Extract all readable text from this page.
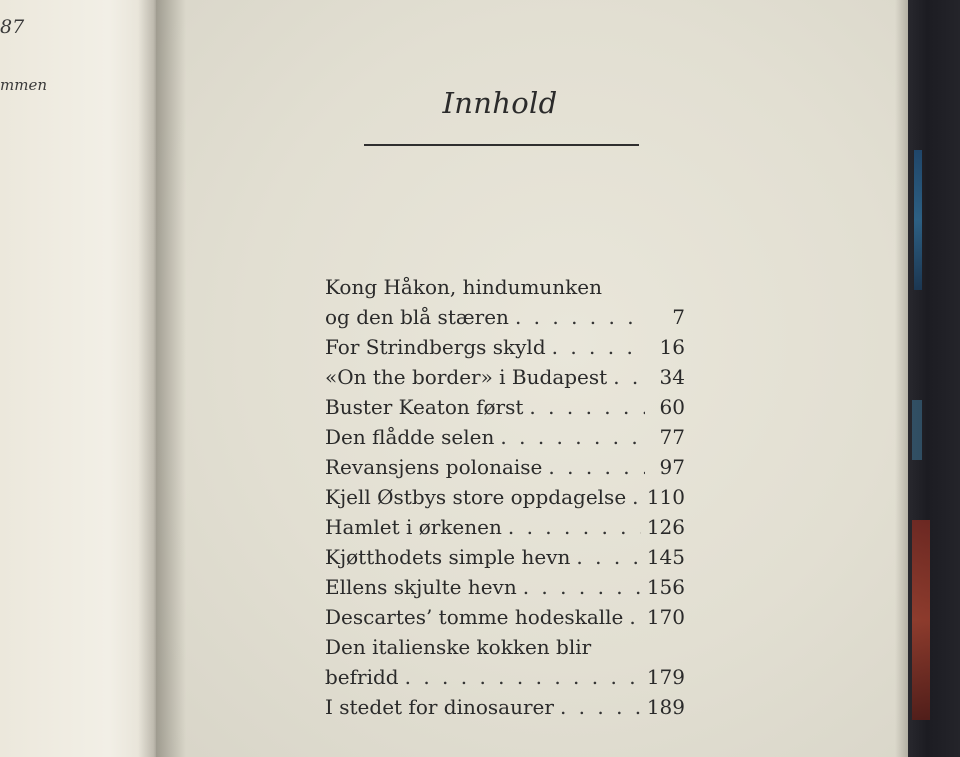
87
mmen
Innhold
Kong Håkon, hindumunken
og den blå stæren . . .	7
For Strindbergs skyld . . .	16
«On the border» i Budapest . . .	34
Buster Keaton først . . .	60
Den flådde selen . . .	77
Revansjens polonaise . . .	97
Kjell Østbys store oppdagelse . . . 110
Hamlet i ørkenen . . .	126
Kjøtthodets simple hevn . . .	145
Ellens skjulte hevn . . .	156
Descartes’ tomme hodeskalle . . . 170
Den italienske kokken blir
befridd . . .	179
I stedet for dinosaurer . . .	189
